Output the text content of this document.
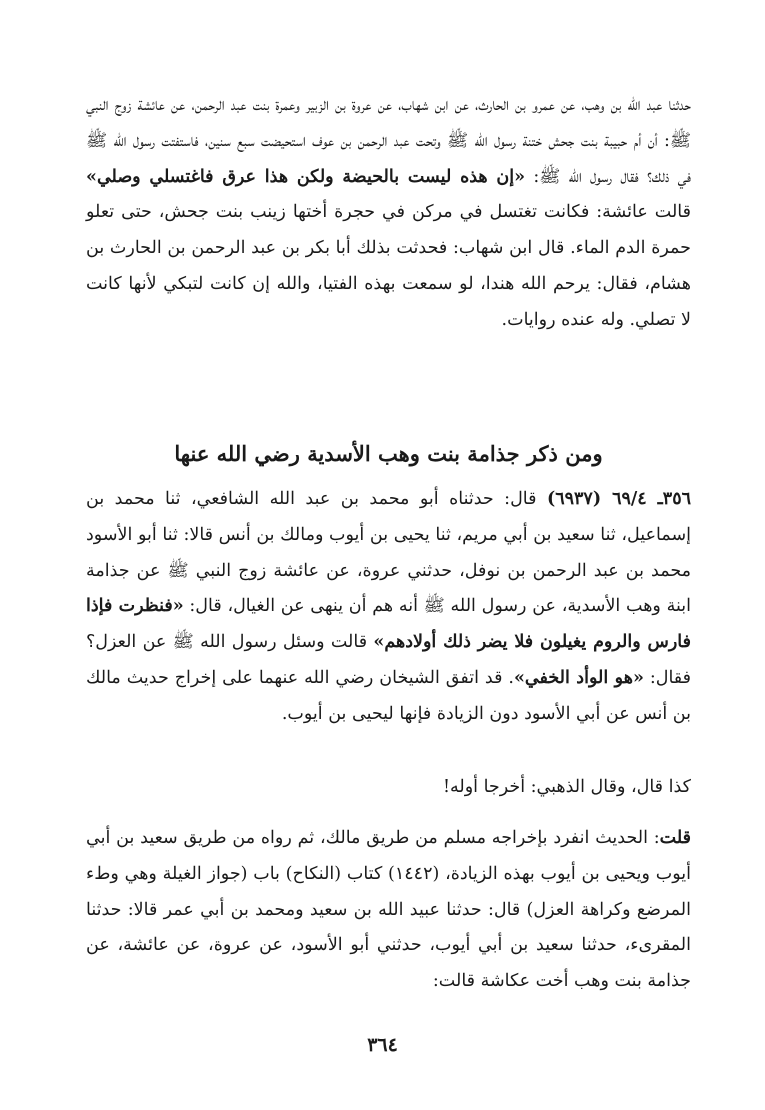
حدثنا عبد الله بن وهب، عن عمرو بن الحارث، عن ابن شهاب، عن عروة بن الزبير وعمرة بنت عبد الرحمن، عن عائشة زوج النبي ﷺ: أن أم حبيبة بنت جحش ختنة رسول الله ﷺ وتحت عبد الرحمن بن عوف استحيضت سبع سنين، فاستفتت رسول الله ﷺ في ذلك؟ فقال رسول الله ﷺ: «إن هذه ليست بالحيضة ولكن هذا عرق فاغتسلي وصلي» قالت عائشة: فكانت تغتسل في مركن في حجرة أختها زينب بنت جحش، حتى تعلو حمرة الدم الماء. قال ابن شهاب: فحدثت بذلك أبا بكر بن عبد الرحمن بن الحارث بن هشام، فقال: يرحم الله هندا، لو سمعت بهذه الفتيا، والله إن كانت لتبكي لأنها كانت لا تصلي. وله عنده روايات.

ومن ذكر جذامة بنت وهب الأسدية رضي الله عنها

٣٥٦ـ ٦٩/٤ (٦٩٣٧) قال: حدثناه أبو محمد بن عبد الله الشافعي، ثنا محمد بن إسماعيل، ثنا سعيد بن أبي مريم، ثنا يحيى بن أيوب ومالك بن أنس قالا: ثنا أبو الأسود محمد بن عبد الرحمن بن نوفل، حدثني عروة، عن عائشة زوج النبي ﷺ عن جذامة ابنة وهب الأسدية، عن رسول الله ﷺ أنه هم أن ينهى عن الغيال، قال: «فنظرت فإذا فارس والروم يغيلون فلا يضر ذلك أولادهم» قالت وسئل رسول الله ﷺ عن العزل؟ فقال: «هو الوأد الخفي». قد اتفق الشيخان رضي الله عنهما على إخراج حديث مالك بن أنس عن أبي الأسود دون الزيادة فإنها ليحيى بن أيوب.

كذا قال، وقال الذهبي: أخرجا أوله!

قلت: الحديث انفرد بإخراجه مسلم من طريق مالك، ثم رواه من طريق سعيد بن أبي أيوب ويحيى بن أيوب بهذه الزيادة، (١٤٤٢) كتاب (النكاح) باب (جواز الغيلة وهي وطء المرضع وكراهة العزل) قال: حدثنا عبيد الله بن سعيد ومحمد بن أبي عمر قالا: حدثنا المقرىء، حدثنا سعيد بن أبي أيوب، حدثني أبو الأسود، عن عروة، عن عائشة، عن جذامة بنت وهب أخت عكاشة قالت:

٣٦٤
